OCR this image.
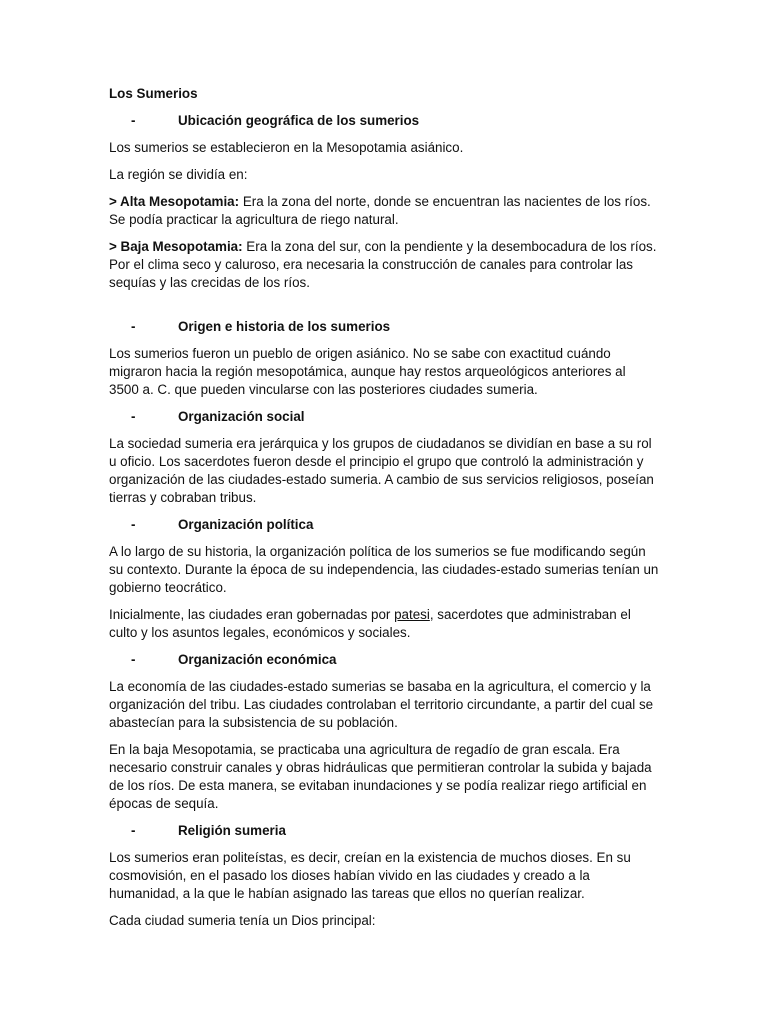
Los Sumerios
-	Ubicación geográfica de los sumerios
Los sumerios se establecieron en la Mesopotamia asiánico.
La región se dividía en:
> Alta Mesopotamia: Era la zona del norte, donde se encuentran las nacientes de los ríos. Se podía practicar la agricultura de riego natural.
> Baja Mesopotamia: Era la zona del sur, con la pendiente y la desembocadura de los ríos. Por el clima seco y caluroso, era necesaria la construcción de canales para controlar las sequías y las crecidas de los ríos.
-	Origen e historia de los sumerios
Los sumerios fueron un pueblo de origen asiánico. No se sabe con exactitud cuándo migraron hacia la región mesopotámica, aunque hay restos arqueológicos anteriores al 3500 a. C. que pueden vincularse con las posteriores ciudades sumeria.
-	Organización social
La sociedad sumeria era jerárquica y los grupos de ciudadanos se dividían en base a su rol u oficio. Los sacerdotes fueron desde el principio el grupo que controló la administración y organización de las ciudades-estado sumeria. A cambio de sus servicios religiosos, poseían tierras y cobraban tribus.
-	Organización política
A lo largo de su historia, la organización política de los sumerios se fue modificando según su contexto. Durante la época de su independencia, las ciudades-estado sumerias tenían un gobierno teocrático.
Inicialmente, las ciudades eran gobernadas por patesi, sacerdotes que administraban el culto y los asuntos legales, económicos y sociales.
-	Organización económica
La economía de las ciudades-estado sumerias se basaba en la agricultura, el comercio y la organización del tribu. Las ciudades controlaban el territorio circundante, a partir del cual se abastecían para la subsistencia de su población.
En la baja Mesopotamia, se practicaba una agricultura de regadío de gran escala. Era necesario construir canales y obras hidráulicas que permitieran controlar la subida y bajada de los ríos. De esta manera, se evitaban inundaciones y se podía realizar riego artificial en épocas de sequía.
-	Religión sumeria
Los sumerios eran politeístas, es decir, creían en la existencia de muchos dioses. En su cosmovisión, en el pasado los dioses habían vivido en las ciudades y creado a la humanidad, a la que le habían asignado las tareas que ellos no querían realizar.
Cada ciudad sumeria tenía un Dios principal:
